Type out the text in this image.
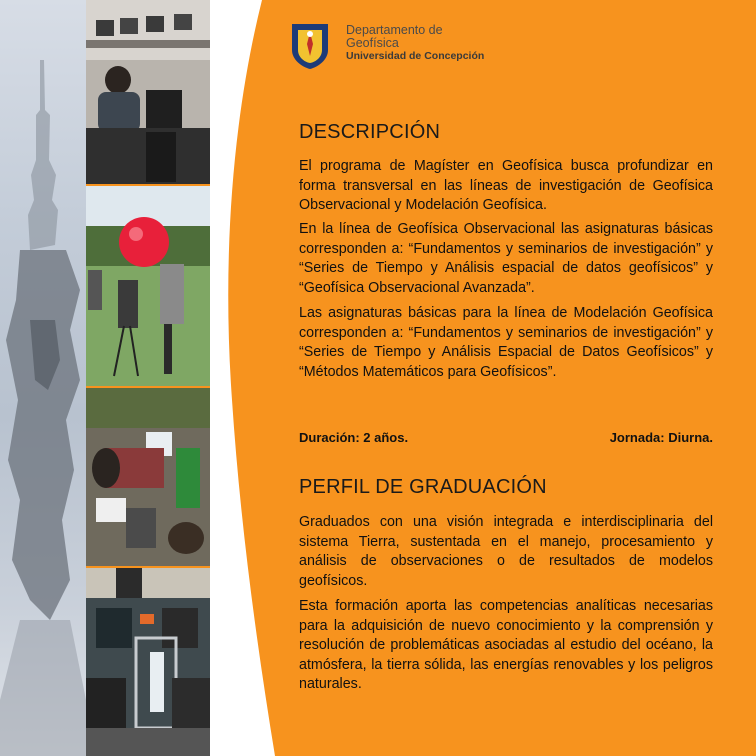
Departamento de
Geofísica
Universidad de Concepción
DESCRIPCIÓN

El programa de Magíster en Geofísica busca profundizar en forma transversal en las líneas de investigación de Geofísica Observacional y Modelación Geofísica.

En la línea de Geofísica Observacional las asignaturas básicas corresponden a: “Fundamentos y seminarios de investigación” y “Series de Tiempo y Análisis espacial de datos geofísicos” y “Geofísica Observacional Avanzada”.

Las asignaturas básicas para la línea de Modelación Geofísica corresponden a: “Fundamentos y seminarios de investigación” y “Series de Tiempo y Análisis Espacial de Datos Geofísicos” y “Métodos Matemáticos para Geofísicos”.

Duración: 2 años.	Jornada: Diurna.
PERFIL DE GRADUACIÓN

Graduados con una visión integrada e interdisciplinaria del sistema Tierra, sustentada en el manejo, procesamiento y análisis de observaciones o de resultados de modelos geofísicos.

Esta formación aporta las competencias analíticas necesarias para la adquisición de nuevo conocimiento y la comprensión y resolución de problemáticas asociadas al estudio del océano, la atmósfera, la tierra sólida, las energías renovables y los peligros naturales.
